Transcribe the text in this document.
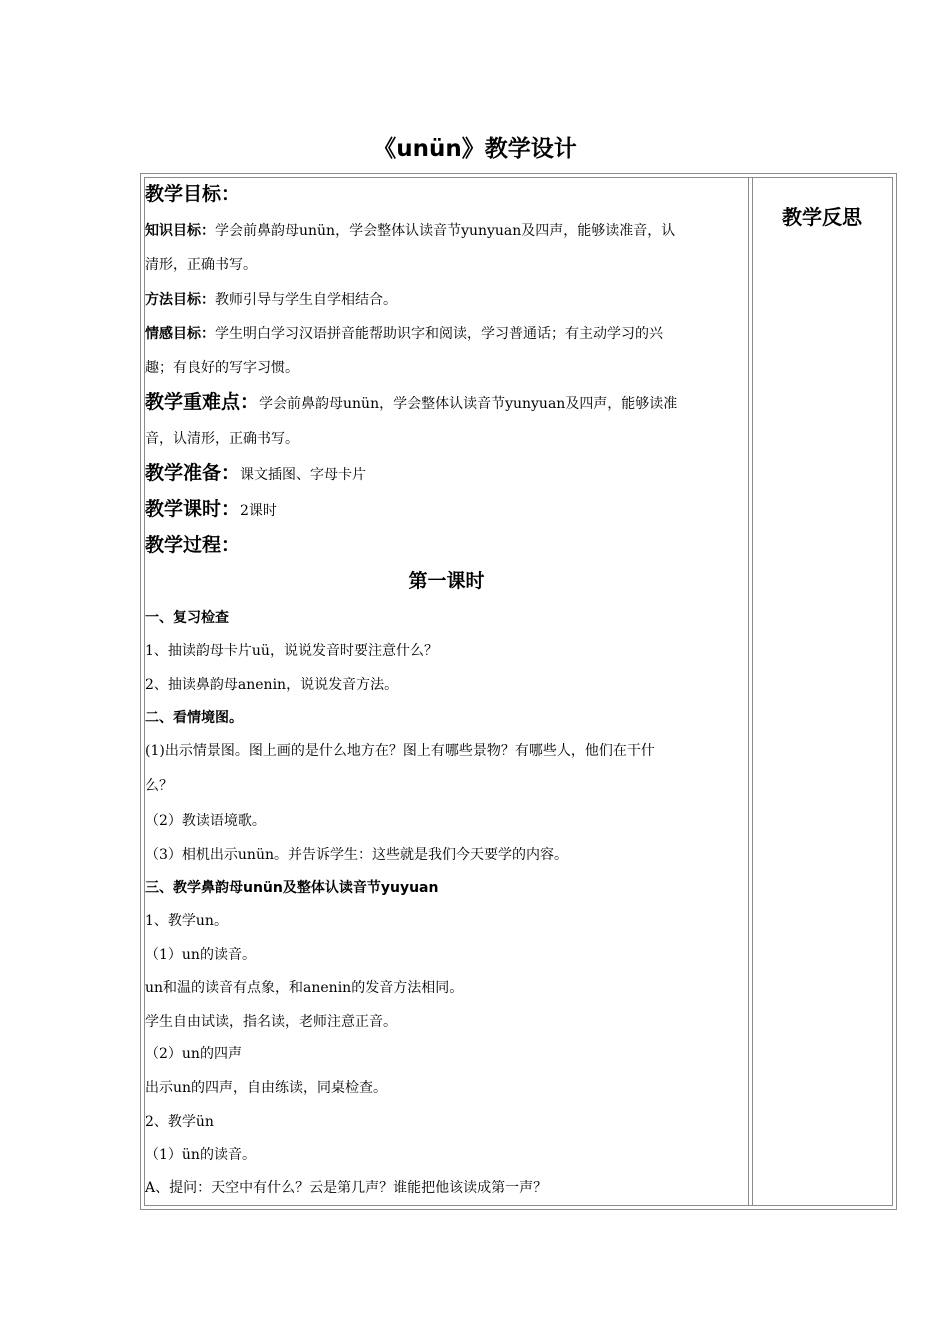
《unün》教学设计
教学目标：
知识目标：学会前鼻韵母unün，学会整体认读音节yunyuan及四声，能够读准音，认
清形，正确书写。
方法目标：教师引导与学生自学相结合。
情感目标：学生明白学习汉语拼音能帮助识字和阅读，学习普通话；有主动学习的兴
趣；有良好的写字习惯。
教学重难点：学会前鼻韵母unün，学会整体认读音节yunyuan及四声，能够读准
音，认清形，正确书写。
教学准备：课文插图、字母卡片
教学课时：2课时
教学过程：
第一课时
一、复习检查
1、抽读韵母卡片uü，说说发音时要注意什么？
2、抽读鼻韵母anenin，说说发音方法。
二、看情境图。
(1)出示情景图。图上画的是什么地方在？图上有哪些景物？有哪些人，他们在干什
么？
（2）教读语境歌。
（3）相机出示unün。并告诉学生：这些就是我们今天要学的内容。
三、教学鼻韵母unün及整体认读音节yuyuan
1、教学un。
（1）un的读音。
un和温的读音有点象，和anenin的发音方法相同。
学生自由试读，指名读，老师注意正音。
（2）un的四声
出示un的四声，自由练读，同桌检查。
2、教学ün
（1）ün的读音。
A、提问：天空中有什么？云是第几声？谁能把他该读成第一声？
教学反思
